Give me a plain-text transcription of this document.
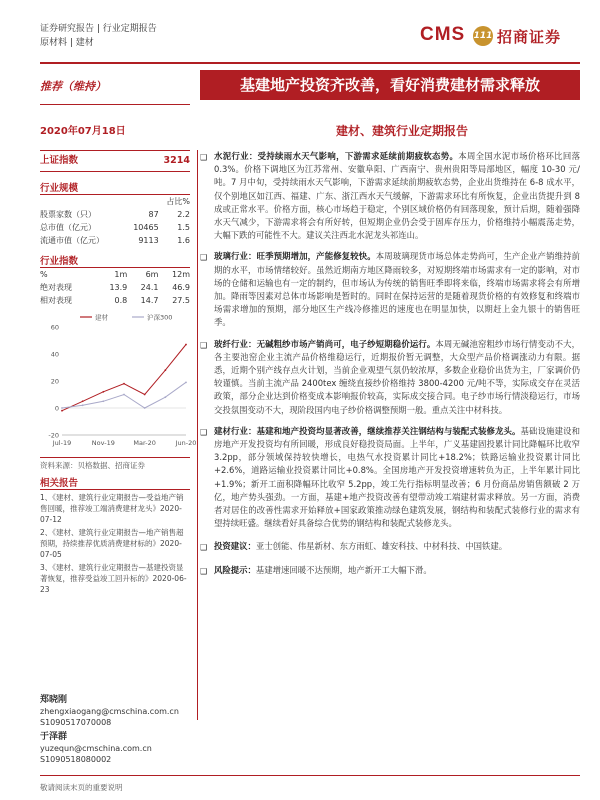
证券研究报告 | 行业定期报告
原材料 | 建材	CMS 111 招商证券
推荐（维持）	基建地产投资齐改善，看好消费建材需求释放
2020年07月18日	建材、建筑行业定期报告
上证指数	3214
行业规模
		占比%
股票家数（只）	87	2.2
总市值（亿元）	10465	1.5
流通市值（亿元）	9113	1.6
行业指数
%	1m	6m	12m
绝对表现	13.9	24.1	46.9
相对表现	0.8	14.7	27.5
60
40
20
0
-20
Jul-19	Nov-19	Mar-20	Jun-20
建材	沪深300
资料来源：贝格数据、招商证券
相关报告
1、《建材、建筑行业定期报告—受益地产销售回暖，推荐竣工端消费建材龙头》2020-07-12
2、《建材、建筑行业定期报告—地产销售超预期，持续推荐优质消费建材标的》2020-07-05
3、《建材、建筑行业定期报告—基建投资显著恢复，推荐受益竣工回升标的》2020-06-23
郑晓刚
zhengxiaogang@cmschina.com.cn
S1090517070008
于泽群
yuzequn@cmschina.com.cn
S1090518080002
❑ 水泥行业：受持续雨水天气影响，下游需求延续前期疲软态势。本周全国水泥市场价格环比回落 0.3%。价格下调地区为江苏常州、安徽阜阳、广西南宁、贵州贵阳等局部地区，幅度 10-30 元/吨。7 月中旬，受持续雨水天气影响，下游需求延续前期疲软态势，企业出货维持在 6-8 成水平，仅个别地区如江西、福建、广东、浙江西水天气缓解，下游需求环比有所恢复，企业出货提升到 8 成或正常水平。价格方面，核心市场趋于稳定，个别区域价格仍有回落现象，预计后期，随着强降水天气减少，下游需求将会有所好转，但短期企业仍会受于固库存压力，价格维持小幅震荡走势，大幅下跌的可能性不大。建议关注西北水泥龙头祁连山。
❑ 玻璃行业：旺季预期增加，产能修复较快。本周玻璃现货市场总体走势尚可，生产企业产销维持前期的水平，市场情绪较好。虽然近期南方地区降雨较多，对短期终端市场需求有一定的影响，对市场的仓储和运输也有一定的制约，但市场认为传统的销售旺季即将来临，终端市场需求将会有所增加。降雨等因素对总体市场影响是暂时的。同时在保持运营的是随着现货价格的有效修复和终端市场需求增加的预期，部分地区生产线冷修推迟的速度也在明显加快，以期赶上金九银十的销售旺季。
❑ 玻纤行业：无碱粗纱市场产销尚可，电子纱短期稳价运行。本周无碱池窑粗纱市场行情变动不大，各主要池窑企业主流产品价格维稳运行，近期报价暂无调整，大众型产品价格调涨动力有限。据悉，近期个别产线存点火计划，当前企业观望气氛仍较浓厚，多数企业稳价出货为主，厂家调价仍较谨慎。当前主流产品 2400tex 缠绕直接纱价格维持 3800-4200 元/吨不等，实际成交存在灵活政策，部分企业达到价格变成本影响报价较高，实际成交接合同。电子纱市场行情淡稳运行，市场交投氛围变动不大，现阶段国内电子纱价格调整预期一般。重点关注中材科技。
❑ 建材行业：基建和地产投资均显著改善，继续推荐关注钢结构与装配式装修龙头。基础设施建设和房地产开发投资均有所回暖，形成良好稳投资局面。上半年，广义基建固投累计同比降幅环比收窄 3.2pp，部分领域保持较快增长，电热气水投资累计同比+18.2%；铁路运输业投资累计同比+2.6%，道路运输业投资累计同比+0.8%。全国房地产开发投资增速转负为正，上半年累计同比+1.9%；新开工面积降幅环比收窄 5.2pp，竣工先行指标明显改善；6 月份商品房销售额破 2 万亿，地产势头强劲。一方面，基建+地产投资改善有望带动竣工端建材需求释放。另一方面，消费者对居住的改善性需求开始释放+国家政策推动绿色建筑发展，钢结构和装配式装修行业的需求有望持续旺盛。继续看好具备综合优势的钢结构和装配式装修龙头。
❑ 投资建议：亚士创能、伟星新材、东方雨虹、雄安科技、中材科技、中国铁建。
❑ 风险提示：基建增速回暖不达预期，地产新开工大幅下滑。
敬请阅读末页的重要说明
